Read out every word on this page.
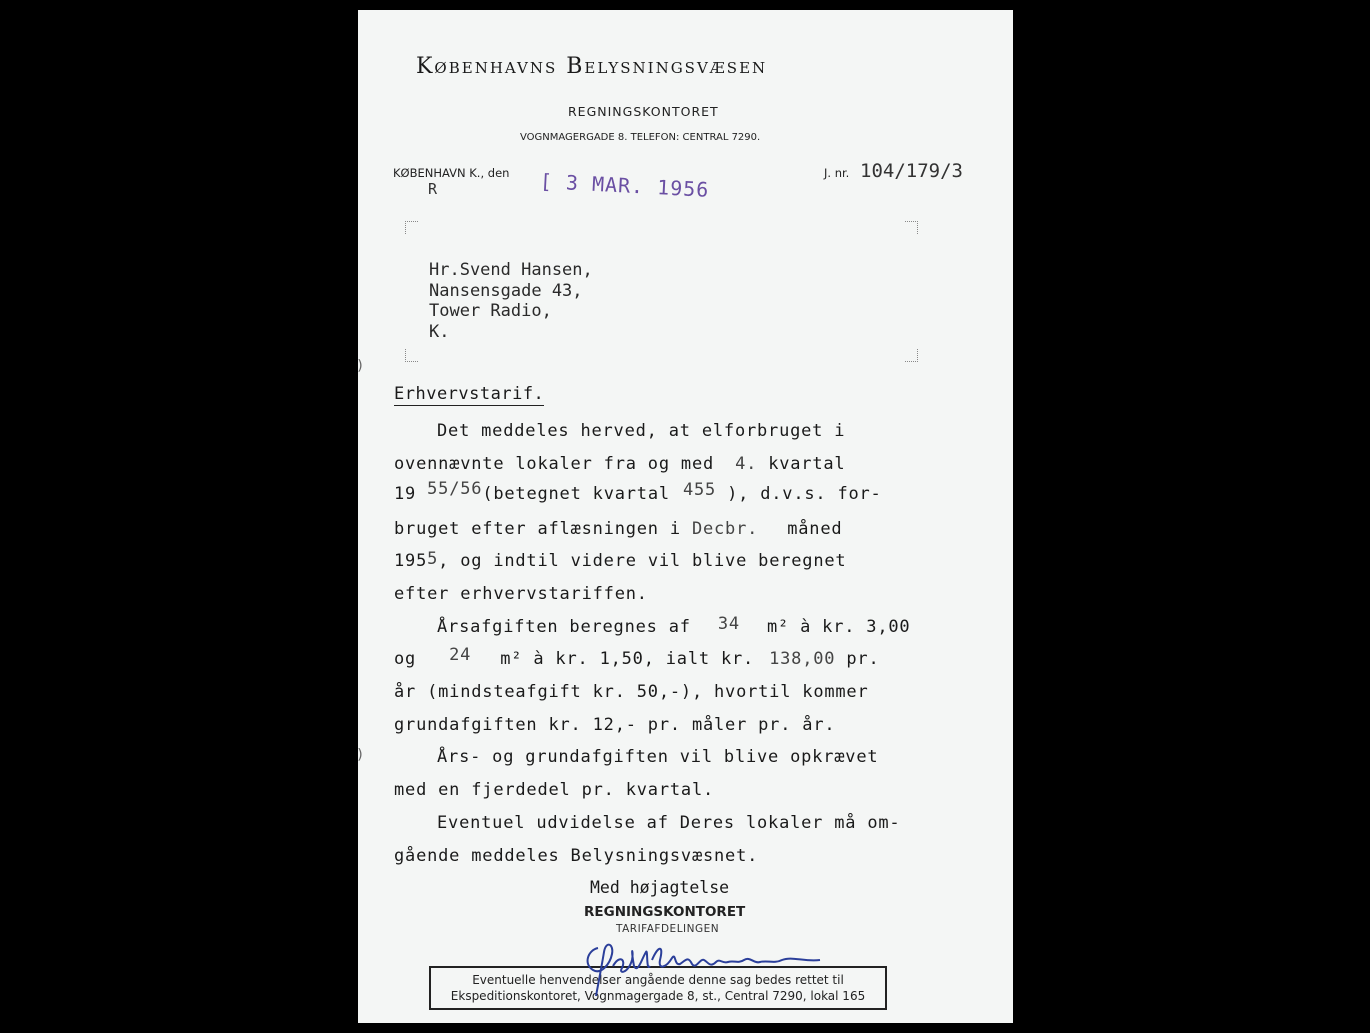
Københavns Belysningsvæsen
REGNINGSKONTORET
VOGNMAGERGADE 8. TELEFON: CENTRAL 7290.
KØBENHAVN K., den [ 3 MAR. 1956
R
J. nr. 104/179/3
Hr.Svend Hansen,
Nansensgade 43,
Tower Radio,
K.
Erhvervstarif.
Det meddeles herved, at elforbruget i
ovennævnte lokaler fra og med 4. kvartal
19 55/56(betegnet kvartal 455 ), d.v.s. for-
bruget efter aflæsningen i Decbr. måned
1955, og indtil videre vil blive beregnet
efter erhvervstariffen.
Årsafgiften beregnes af 34 m² à kr. 3,00
og 24 m² à kr. 1,50, ialt kr. 138,00 pr.
år (mindsteafgift kr. 50,-), hvortil kommer
grundafgiften kr. 12,- pr. måler pr. år.
Års- og grundafgiften vil blive opkrævet
med en fjerdedel pr. kvartal.
Eventuel udvidelse af Deres lokaler må om-
gående meddeles Belysningsvæsnet.
Med højagtelse
REGNINGSKONTORET
TARIFAFDELINGEN
Eventuelle henvendelser angående denne sag bedes rettet til
Ekspeditionskontoret, Vognmagergade 8, st., Central 7290, lokal 165
)
)
